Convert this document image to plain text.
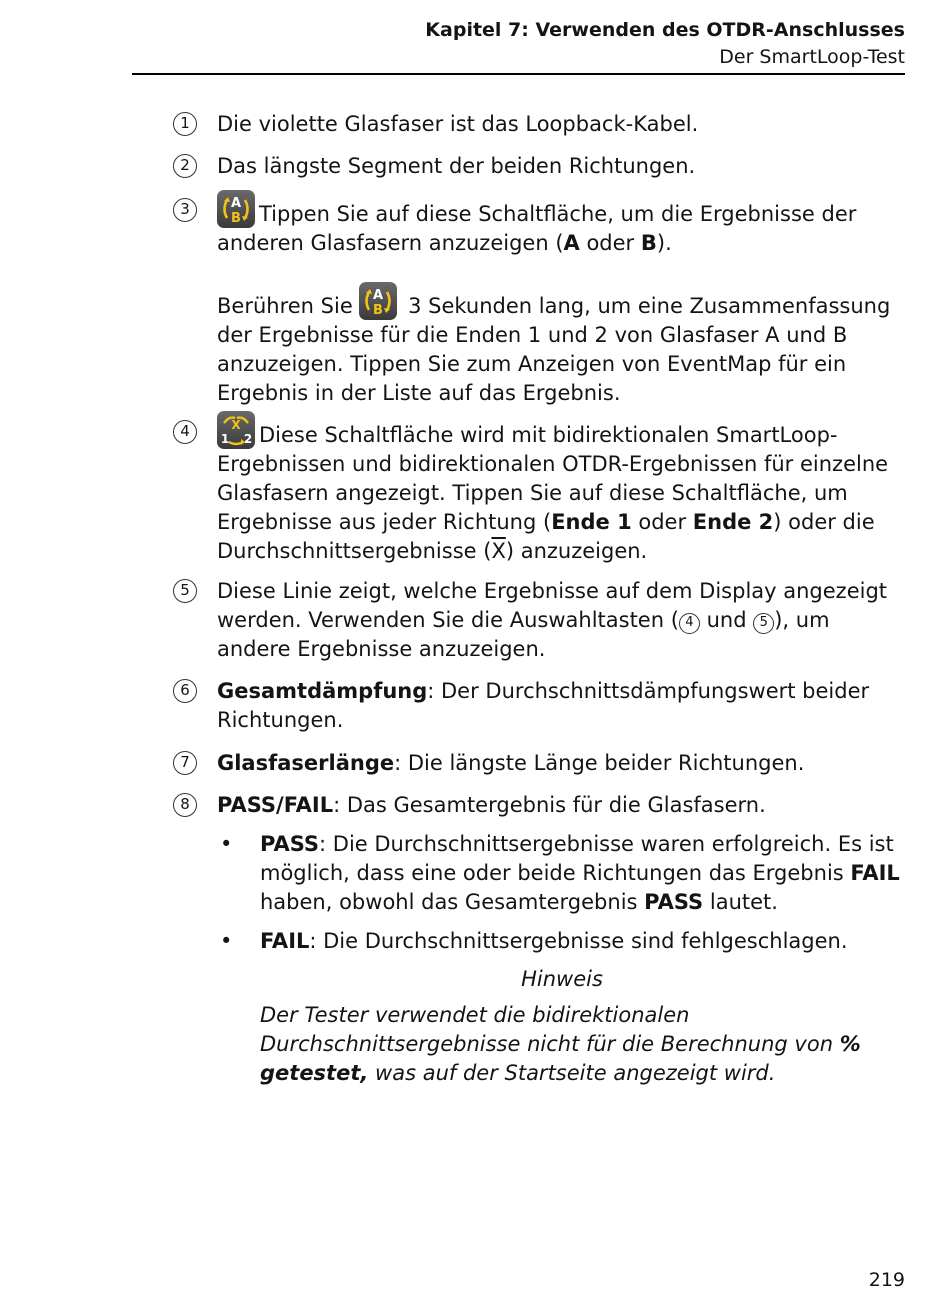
Kapitel 7: Verwenden des OTDR-Anschlusses
Der SmartLoop-Test
1	Die violette Glasfaser ist das Loopback-Kabel.

2	Das längste Segment der beiden Richtungen.

3	A
B Tippen Sie auf diese Schaltfläche, um die Ergebnisse der anderen Glasfasern anzuzeigen (A oder B).

Berühren Sie A
B 3 Sekunden lang, um eine Zusammenfassung der Ergebnisse für die Enden 1 und 2 von Glasfaser A und B anzuzeigen. Tippen Sie zum Anzeigen von EventMap für ein Ergebnis in der Liste auf das Ergebnis.

4	X
1 2 Diese Schaltfläche wird mit bidirektionalen SmartLoop-Ergebnissen und bidirektionalen OTDR-Ergebnissen für einzelne Glasfasern angezeigt. Tippen Sie auf diese Schaltfläche, um Ergebnisse aus jeder Richtung (Ende 1 oder Ende 2) oder die Durchschnittsergebnisse $(\overline{X})$ anzuzeigen.

5	Diese Linie zeigt, welche Ergebnisse auf dem Display angezeigt werden. Verwenden Sie die Auswahltasten ( 4 und 5 ), um andere Ergebnisse anzuzeigen.

6	Gesamtdämpfung: Der Durchschnittsdämpfungswert beider Richtungen.

7	Glasfaserlänge: Die längste Länge beider Richtungen.

8	PASS/FAIL: Das Gesamtergebnis für die Glasfasern.

• PASS: Die Durchschnittsergebnisse waren erfolgreich. Es ist möglich, dass eine oder beide Richtungen das Ergebnis FAIL haben, obwohl das Gesamtergebnis PASS lautet.
• FAIL: Die Durchschnittsergebnisse sind fehlgeschlagen.
Hinweis
Der Tester verwendet die bidirektionalen Durchschnittsergebnisse nicht für die Berechnung von % getestet, was auf der Startseite angezeigt wird.
219
